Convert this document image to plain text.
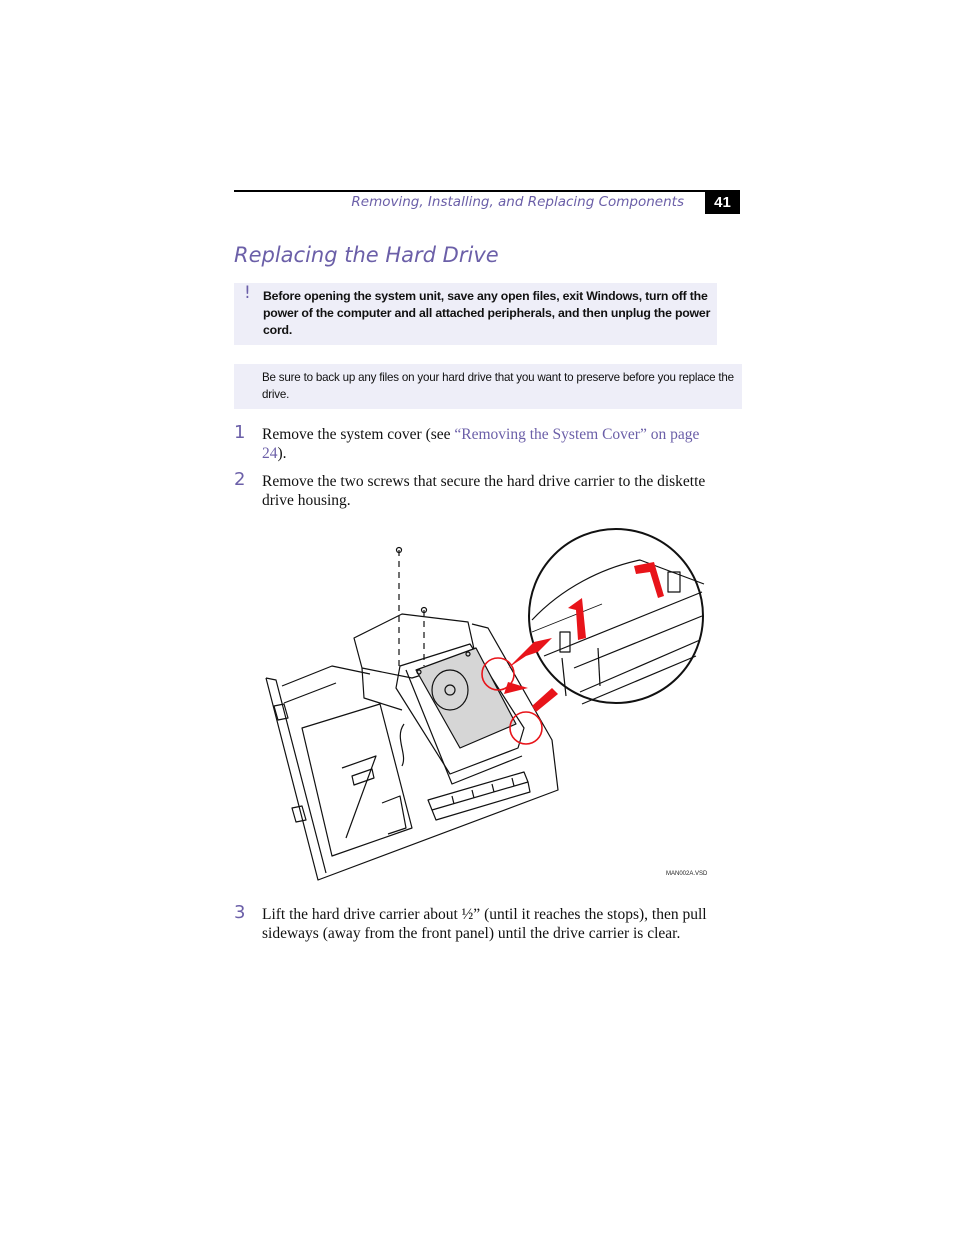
Removing, Installing, and Replacing Components	41
Replacing the Hard Drive
! Before opening the system unit, save any open files, exit Windows, turn off the power of the computer and all attached peripherals, and then unplug the power cord.
Be sure to back up any files on your hard drive that you want to preserve before you replace the drive.
1 Remove the system cover (see “Removing the System Cover” on page 24).
2 Remove the two screws that secure the hard drive carrier to the diskette drive housing.
MAN002A.VSD
3 Lift the hard drive carrier about ½” (until it reaches the stops), then pull sideways (away from the front panel) until the drive carrier is clear.
